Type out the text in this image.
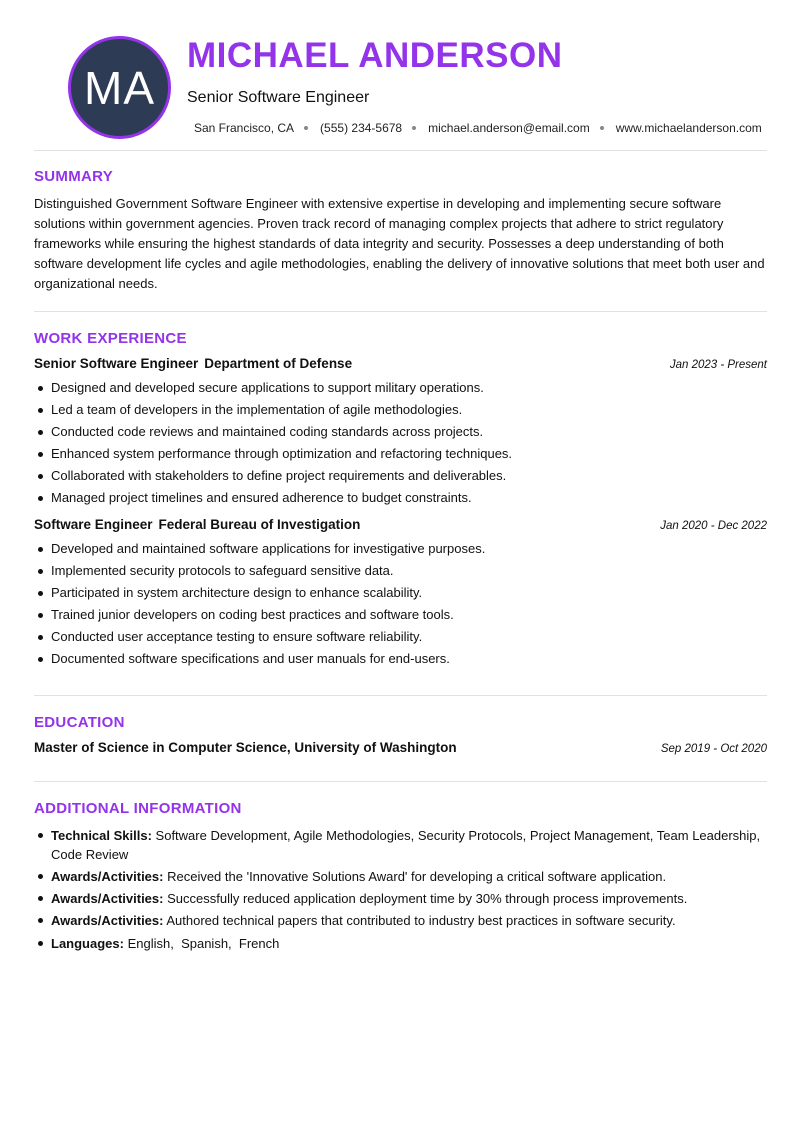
MA
MICHAEL ANDERSON
Senior Software Engineer
San Francisco, CA (555) 234-5678 michael.anderson@email.com www.michaelanderson.com
SUMMARY

Distinguished Government Software Engineer with extensive expertise in developing and implementing secure software solutions within government agencies. Proven track record of managing complex projects that adhere to strict regulatory frameworks while ensuring the highest standards of data integrity and security. Possesses a deep understanding of both software development life cycles and agile methodologies, enabling the delivery of innovative solutions that meet both user and organizational needs.

WORK EXPERIENCE
Senior Software Engineer Department of Defense	Jan 2023 - Present
Designed and developed secure applications to support military operations.
Led a team of developers in the implementation of agile methodologies.
Conducted code reviews and maintained coding standards across projects.
Enhanced system performance through optimization and refactoring techniques.
Collaborated with stakeholders to define project requirements and deliverables.
Managed project timelines and ensured adherence to budget constraints.
Software Engineer Federal Bureau of Investigation	Jan 2020 - Dec 2022
Developed and maintained software applications for investigative purposes.
Implemented security protocols to safeguard sensitive data.
Participated in system architecture design to enhance scalability.
Trained junior developers on coding best practices and software tools.
Conducted user acceptance testing to ensure software reliability.
Documented software specifications and user manuals for end-users.
EDUCATION
Master of Science in Computer Science, University of Washington	Sep 2019 - Oct 2020
ADDITIONAL INFORMATION
Technical Skills: Software Development, Agile Methodologies, Security Protocols, Project Management, Team Leadership, Code Review
Awards/Activities: Received the 'Innovative Solutions Award' for developing a critical software application.
Awards/Activities: Successfully reduced application deployment time by 30% through process improvements.
Awards/Activities: Authored technical papers that contributed to industry best practices in software security.
Languages: English,  Spanish,  French
